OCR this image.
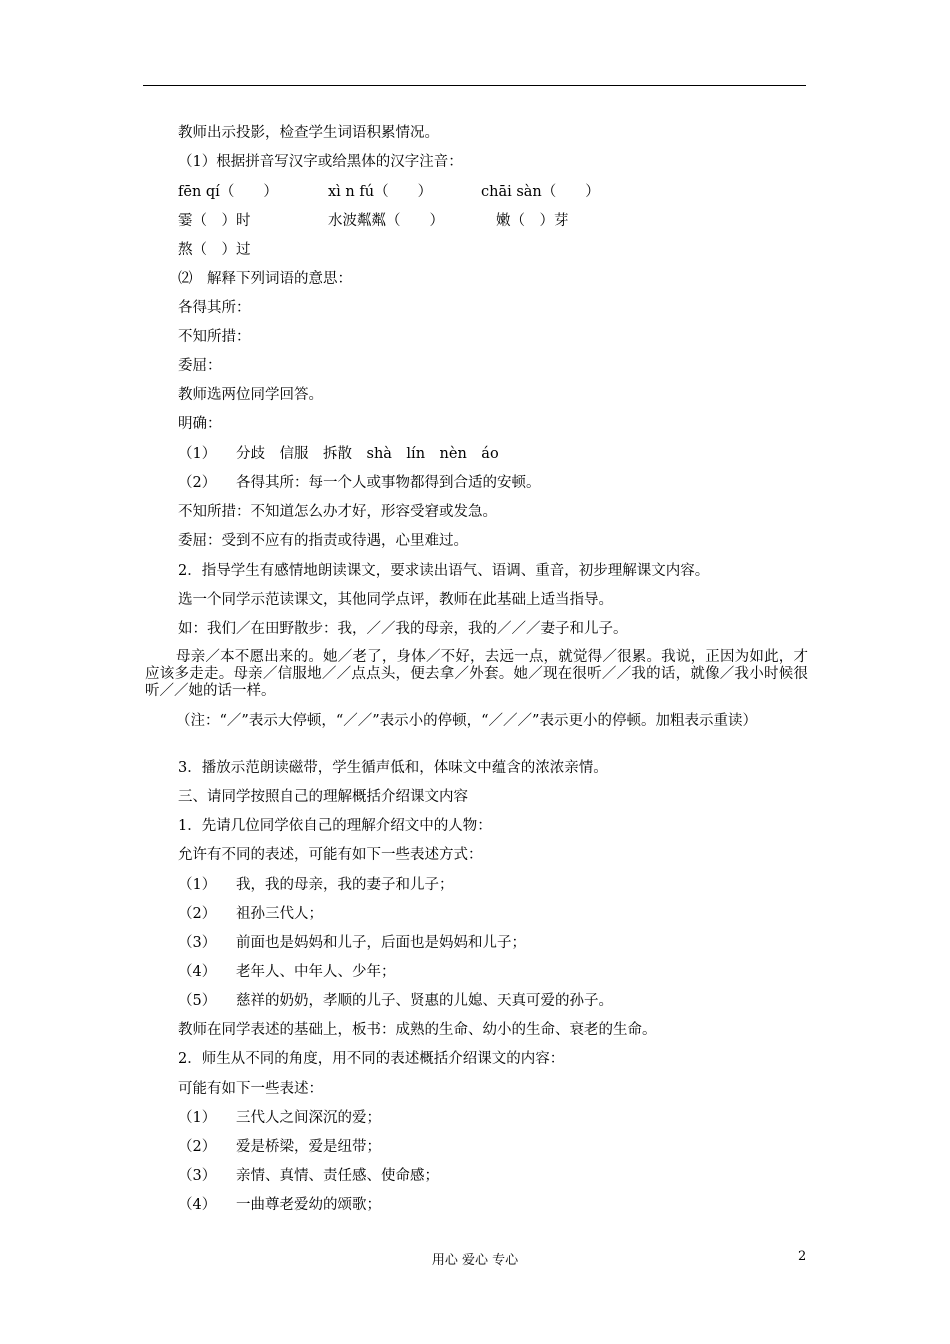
教师出示投影，检查学生词语积累情况。
（1）根据拼音写汉字或给黑体的汉字注音：
fēn qí（　　）	xì n fú（　　）	chāi sàn（　　）
霎（　）时	水波粼粼（　　）	嫩（　）芽
熬（　）过
⑵　解释下列词语的意思：
各得其所：
不知所措：
委屈：
教师选两位同学回答。
明确：
（1） 分歧　信服　拆散　shà　lín　nèn　áo
（2） 各得其所：每一个人或事物都得到合适的安顿。
不知所措：不知道怎么办才好，形容受窘或发急。
委屈：受到不应有的指责或待遇，心里难过。
2．指导学生有感情地朗读课文，要求读出语气、语调、重音，初步理解课文内容。
选一个同学示范读课文，其他同学点评，教师在此基础上适当指导。
如：我们／在田野散步：我，／／我的母亲，我的／／／妻子和儿子。
母亲／本不愿出来的。她／老了，身体／不好，去远一点，就觉得／很累。我说，正因为如此，才应该多走走。母亲／信服地／／点点头，便去拿／外套。她／现在很听／／我的话，就像／我小时候很听／／她的话一样。
（注：“／”表示大停顿，“／／”表示小的停顿，“／／／”表示更小的停顿。加粗表示重读）
3．播放示范朗读磁带，学生循声低和，体味文中蕴含的浓浓亲情。
三、请同学按照自己的理解概括介绍课文内容
1．先请几位同学依自己的理解介绍文中的人物：
允许有不同的表述，可能有如下一些表述方式：
（1） 我，我的母亲，我的妻子和儿子；
（2） 祖孙三代人；
（3） 前面也是妈妈和儿子，后面也是妈妈和儿子；
（4） 老年人、中年人、少年；
（5） 慈祥的奶奶，孝顺的儿子、贤惠的儿媳、天真可爱的孙子。
教师在同学表述的基础上，板书：成熟的生命、幼小的生命、衰老的生命。
2．师生从不同的角度，用不同的表述概括介绍课文的内容：
可能有如下一些表述：
（1） 三代人之间深沉的爱；
（2） 爱是桥梁，爱是纽带；
（3） 亲情、真情、责任感、使命感；
（4） 一曲尊老爱幼的颂歌；
用心 爱心 专心	2
